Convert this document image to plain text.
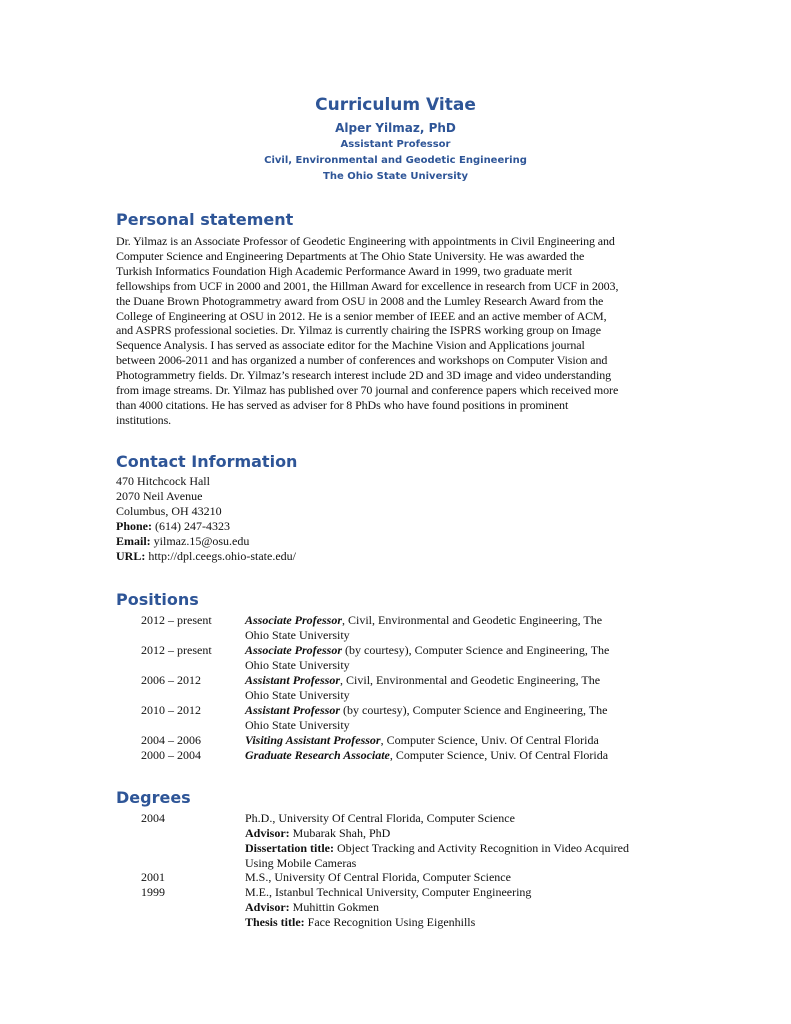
Curriculum Vitae
Alper Yilmaz, PhD
Assistant Professor
Civil, Environmental and Geodetic Engineering
The Ohio State University
Personal statement

Dr. Yilmaz is an Associate Professor of Geodetic Engineering with appointments in Civil Engineering and
Computer Science and Engineering Departments at The Ohio State University. He was awarded the
Turkish Informatics Foundation High Academic Performance Award in 1999, two graduate merit
fellowships from UCF in 2000 and 2001, the Hillman Award for excellence in research from UCF in 2003,
the Duane Brown Photogrammetry award from OSU in 2008 and the Lumley Research Award from the
College of Engineering at OSU in 2012. He is a senior member of IEEE and an active member of ACM,
and ASPRS professional societies. Dr. Yilmaz is currently chairing the ISPRS working group on Image
Sequence Analysis. I has served as associate editor for the Machine Vision and Applications journal
between 2006-2011 and has organized a number of conferences and workshops on Computer Vision and
Photogrammetry fields. Dr. Yilmaz’s research interest include 2D and 3D image and video understanding
from image streams. Dr. Yilmaz has published over 70 journal and conference papers which received more
than 4000 citations. He has served as adviser for 8 PhDs who have found positions in prominent
institutions.

Contact Information
470 Hitchcock Hall
2070 Neil Avenue
Columbus, OH 43210
Phone: (614) 247-4323
Email: yilmaz.15@osu.edu
URL: http://dpl.ceegs.ohio-state.edu/
Positions
2012 – present	Associate Professor, Civil, Environmental and Geodetic Engineering, The
Ohio State University
2012 – present	Associate Professor (by courtesy), Computer Science and Engineering, The
Ohio State University
2006 – 2012	Assistant Professor, Civil, Environmental and Geodetic Engineering, The
Ohio State University
2010 – 2012	Assistant Professor (by courtesy), Computer Science and Engineering, The
Ohio State University
2004 – 2006	Visiting Assistant Professor, Computer Science, Univ. Of Central Florida
2000 – 2004	Graduate Research Associate, Computer Science, Univ. Of Central Florida
Degrees
2004	Ph.D., University Of Central Florida, Computer Science
Advisor: Mubarak Shah, PhD
Dissertation title: Object Tracking and Activity Recognition in Video Acquired
Using Mobile Cameras
2001	M.S., University Of Central Florida, Computer Science
1999	M.E., Istanbul Technical University, Computer Engineering
Advisor: Muhittin Gokmen
Thesis title: Face Recognition Using Eigenhills
